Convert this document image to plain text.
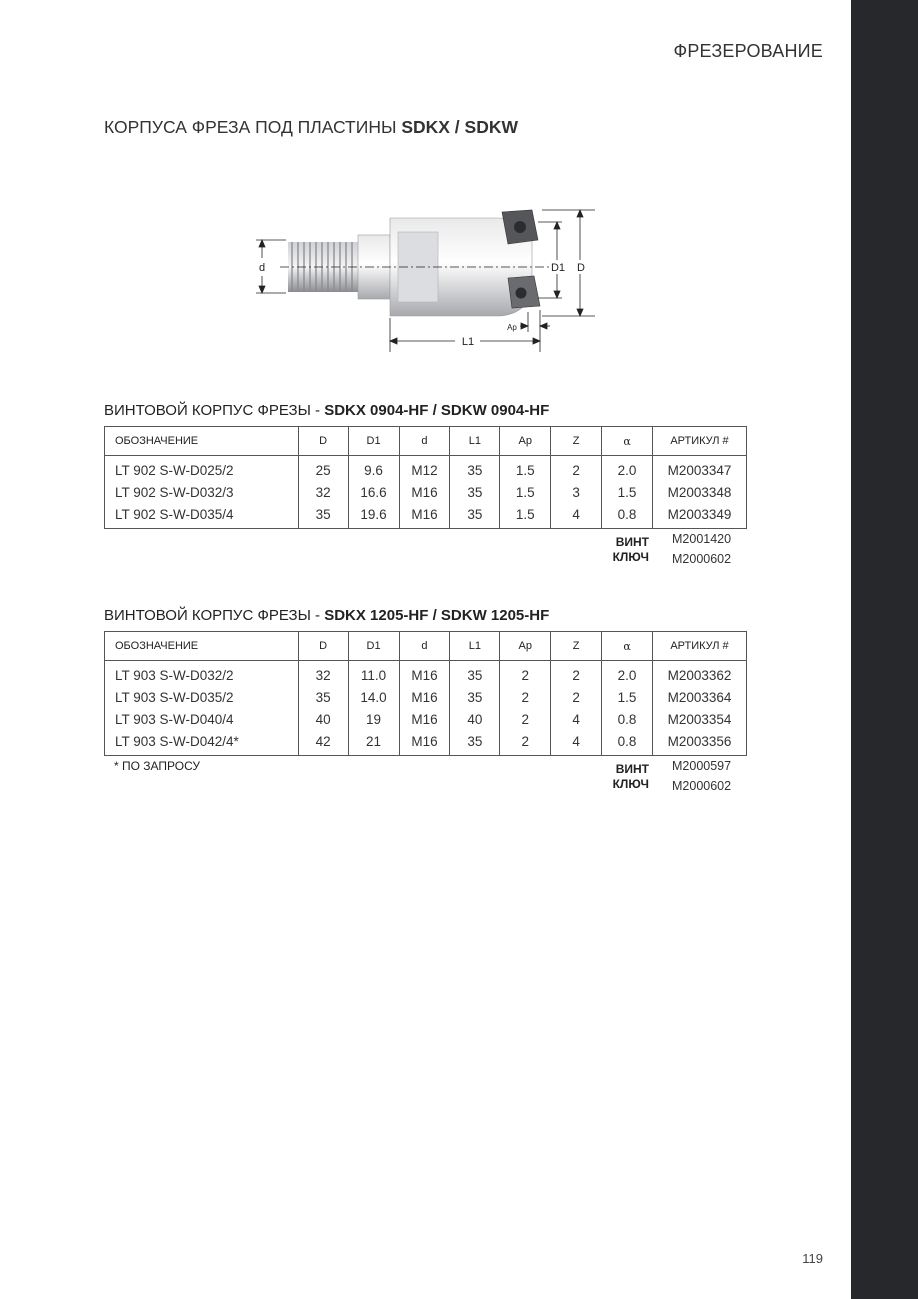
ФРЕЗЕРОВАНИЕ
КОРПУСА ФРЕЗА ПОД ПЛАСТИНЫ SDKX / SDKW
d	D1 D
Ap
L1
ВИНТОВОЙ КОРПУС ФРЕЗЫ - SDKX 0904-HF / SDKW 0904-HF
ОБОЗНАЧЕНИЕ	D	D1	d	L1	Ap	Z	α	АРТИКУЛ #
LT 902 S-W-D025/2	25	9.6	M12	35	1.5	2	2.0	M2003347
LT 902 S-W-D032/3	32	16.6	M16	35	1.5	3	1.5	M2003348
LT 902 S-W-D035/4	35	19.6	M16	35	1.5	4	0.8	M2003349
ВИНТ M2001420
КЛЮЧ M2000602
ВИНТОВОЙ КОРПУС ФРЕЗЫ - SDKX 1205-HF / SDKW 1205-HF
ОБОЗНАЧЕНИЕ	D	D1	d	L1	Ap	Z	α	АРТИКУЛ #
LT 903 S-W-D032/2	32	11.0	M16	35	2	2	2.0	M2003362
LT 903 S-W-D035/2	35	14.0	M16	35	2	2	1.5	M2003364
LT 903 S-W-D040/4	40	19	M16	40	2	4	0.8	M2003354
LT 903 S-W-D042/4*	42	21	M16	35	2	4	0.8	M2003356
* ПО ЗАПРОСУ	ВИНТ M2000597
КЛЮЧ M2000602
119
